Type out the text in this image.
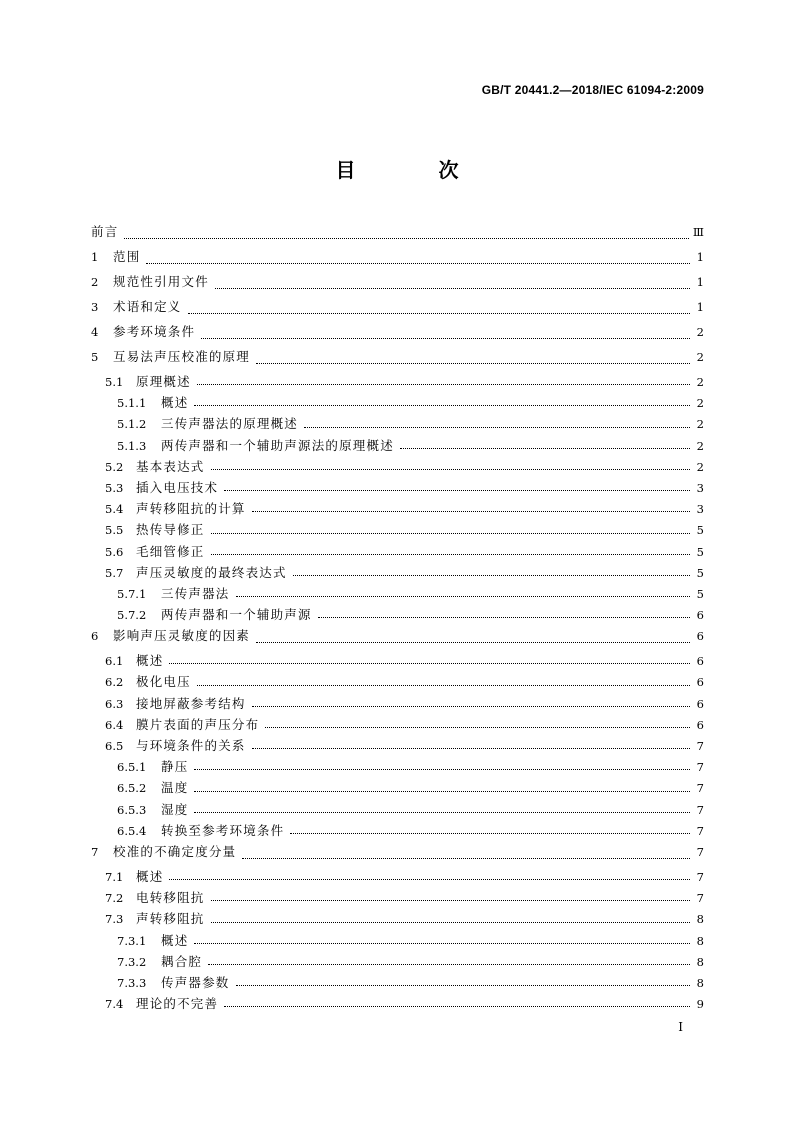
GB/T 20441.2—2018/IEC 61094-2:2009
目 次
前言	Ⅲ
1	范围	1
2	规范性引用文件	1
3	术语和定义	1
4	参考环境条件	2
5	互易法声压校准的原理	2
5.1	原理概述	2
5.1.1	概述	2
5.1.2	三传声器法的原理概述	2
5.1.3	两传声器和一个辅助声源法的原理概述	2
5.2	基本表达式	2
5.3	插入电压技术	3
5.4	声转移阻抗的计算	3
5.5	热传导修正	5
5.6	毛细管修正	5
5.7	声压灵敏度的最终表达式	5
5.7.1	三传声器法	5
5.7.2	两传声器和一个辅助声源	6
6	影响声压灵敏度的因素	6
6.1	概述	6
6.2	极化电压	6
6.3	接地屏蔽参考结构	6
6.4	膜片表面的声压分布	6
6.5	与环境条件的关系	7
6.5.1	静压	7
6.5.2	温度	7
6.5.3	湿度	7
6.5.4	转换至参考环境条件	7
7	校准的不确定度分量	7
7.1	概述	7
7.2	电转移阻抗	7
7.3	声转移阻抗	8
7.3.1	概述	8
7.3.2	耦合腔	8
7.3.3	传声器参数	8
7.4	理论的不完善	9
I
